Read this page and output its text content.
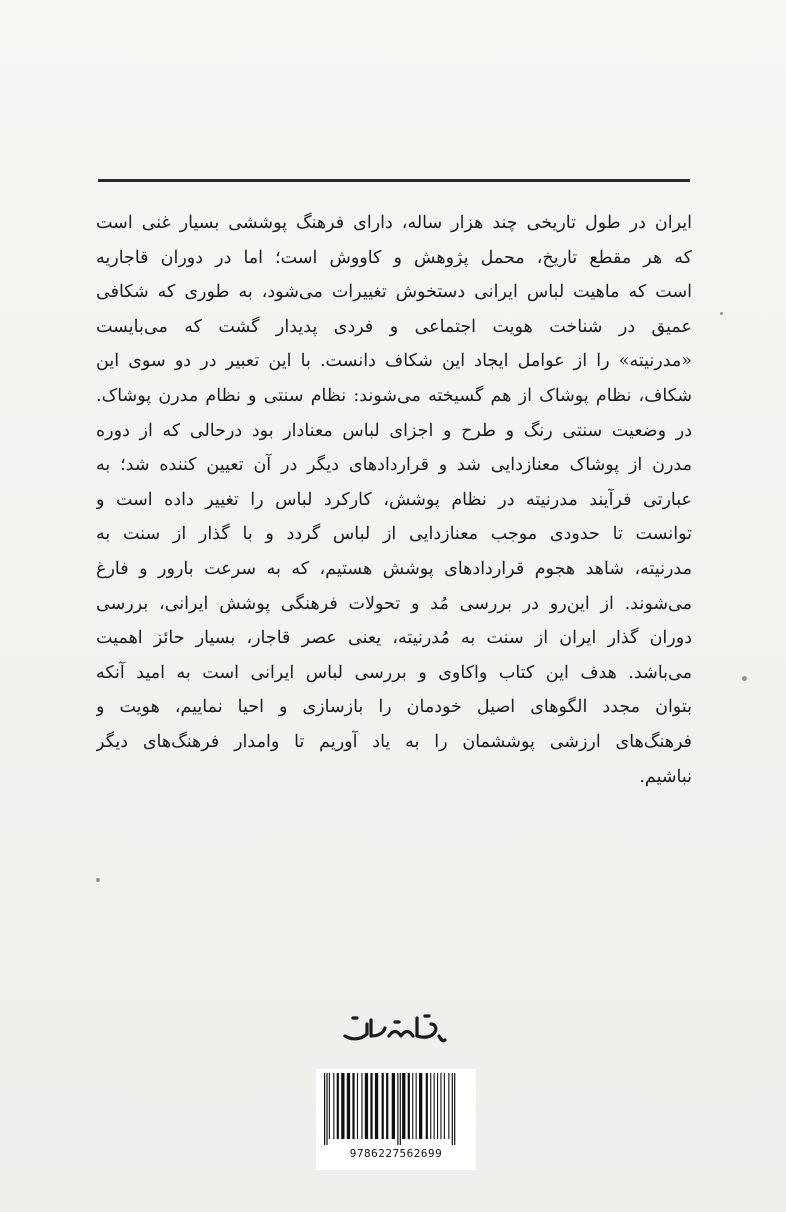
ایران در طول تاریخی چند هزار ساله، دارای فرهنگ پوششی بسیار غنی است
که هر مقطع تاریخ، محمل پژوهش و کاووش است؛ اما در دوران قاجاریه
است که ماهیت لباس ایرانی دستخوش تغییرات می‌شود، به طوری که شکافی
عمیق در شناخت هویت اجتماعی و فردی پدیدار گشت که می‌بایست
«مدرنیته» را از عوامل ایجاد این شکاف دانست. با این تعبیر در دو سوی این
شکاف، نظام پوشاک از هم گسیخته می‌شوند: نظام سنتی و نظام مدرن پوشاک.
در وضعیت سنتی رنگ و طرح و اجزای لباس معنادار بود درحالی که از دوره
مدرن از پوشاک معنازدایی شد و قراردادهای دیگر در آن تعیین کننده شد؛ به
عبارتی فرآیند مدرنیته در نظام پوشش، کارکرد لباس را تغییر داده است و
توانست تا حدودی موجب معنازدایی از لباس گردد و با گذار از سنت به
مدرنیته، شاهد هجوم قراردادهای پوشش هستیم، که به سرعت بارور و فارغ
می‌شوند. از این‌رو در بررسی مُد و تحولات فرهنگی پوشش ایرانی، بررسی
دوران گذار ایران از سنت به مُدرنیته، یعنی عصر قاجار، بسیار حائز اهمیت
می‌باشد. هدف این کتاب واکاوی و بررسی لباس ایرانی است به امید آنکه
بتوان مجدد الگوهای اصیل خودمان را بازسازی و احیا نماییم، هویت و
فرهنگ‌های ارزشی پوششمان را به یاد آوریم تا وامدار فرهنگ‌های دیگر
نباشیم.
9786227562699
